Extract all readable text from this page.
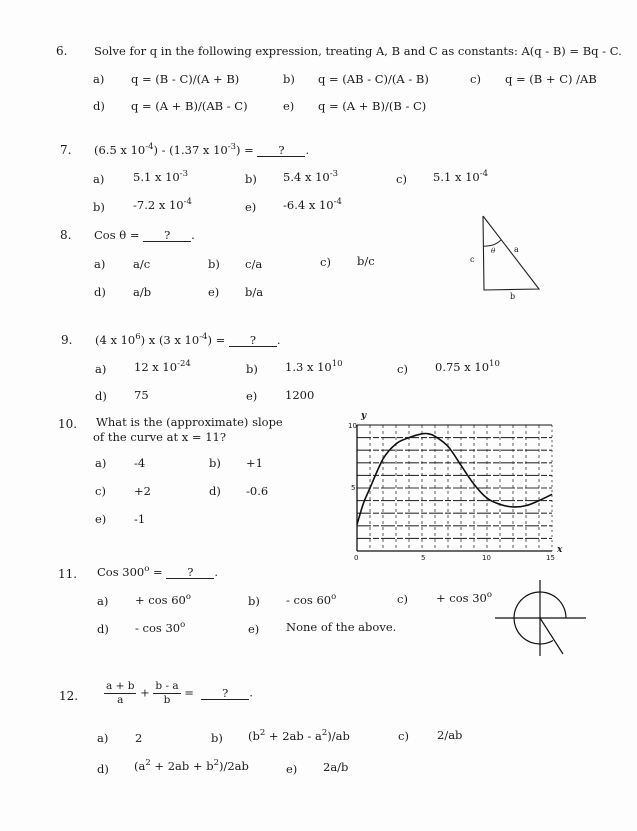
6. Solve for q in the following expression, treating A, B and C as constants: A(q - B) = Bq - C.
a) q = (B - C)/(A + B)	b) q = (AB - C)/(A - B)	c) q = (B + C) /AB
d) q = (A + B)/(AB - C)	e) q = (A + B)/(B - C)
7. (6.5 x $10^{-4}) - (1.37$ x $10^{-3}$) = ? .
a) 5.1 x $10^{-3}$	b) 5.4 x $10^{-3}$	c) 5.1 x $10^{-4}$
b) -7.2 x $10^{-4}$	e) -6.4 x $10^{-4}$
8. Cos θ = ? .
a) a/c	b) c/a	c) b/c
d) a/b	e) b/a
θ a
c
b
9. (4 x $10^6$) x (3 x $10^{-4}$) = ? .
a) 12 x $10^{-24}$	b) 1.3 x $10^{10}$	c) 0.75 x $10^{10}$
d) 75	e) 1200
10. What is the (approximate) slope
of the curve at x = 11?
a) -4	b) +1
c) +2	d) -0.6
e) -1
10
5
y
0	5	10	15
x
11. Cos $300^o$ = ? .
a) + cos 60$^o$	b) - cos 60$^o$	c) + cos 30$^o$
d) - cos 30$^o$	e) None of the above.
12. $\frac{a + b}{a} + \frac{b - a}{b}$ = ? .
a) 2	b) $(b^2 + 2ab - a^2)/ab$	c) 2/ab
d) $(a^2 + 2ab + b^2)/2ab$	e) 2a/b
